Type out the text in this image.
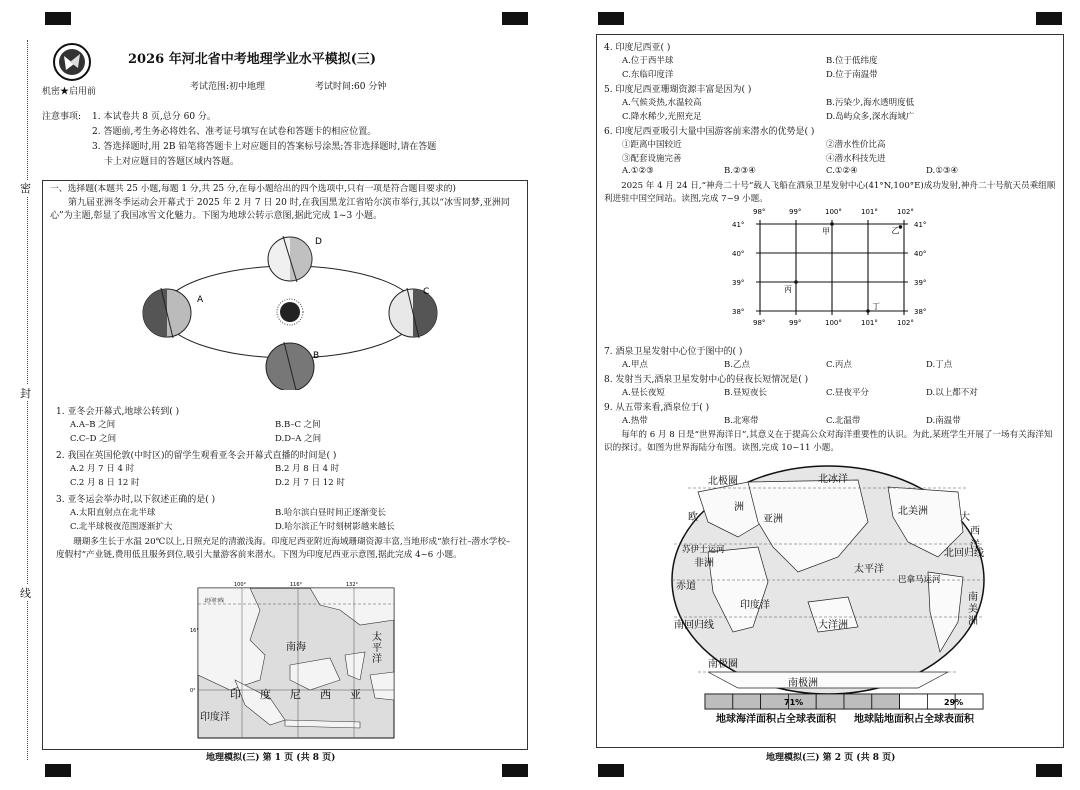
密
封
线
2026 年河北省中考地理学业水平模拟(三)
机密★启用前	考试范围:初中地理	考试时间:60 分钟
注意事项: 1. 本试卷共 8 页,总分 60 分。
2. 答题前,考生务必将姓名、准考证号填写在试卷和答题卡的相应位置。
3. 答选择题时,用 2B 铅笔将答题卡上对应题目的答案标号涂黑;答非选择题时,请在答题
卡上对应题目的答题区域内答题。
一、选择题(本题共 25 小题,每题 1 分,共 25 分,在每小题给出的四个选项中,只有一项是符合题目要求的)
第九届亚洲冬季运动会开幕式于 2025 年 2 月 7 日 20 时,在我国黑龙江省哈尔滨市举行,其以“冰雪同梦,亚洲同心”为主题,彰显了我国冰雪文化魅力。下图为地球公转示意图,据此完成 1~3 小题。
D
A
C
B
1. 亚冬会开幕式,地球公转到( )
A.A–B 之间	B.B–C 之间
C.C–D 之间	D.D–A 之间
2. 我国在英国伦敦(中时区)的留学生观看亚冬会开幕式直播的时间是( )
A.2 月 7 日 4 时	B.2 月 8 日 4 时
C.2 月 8 日 12 时	D.2 月 7 日 12 时
3. 亚冬运会举办时,以下叙述正确的是( )
A.太阳直射点在北半球	B.哈尔滨白昼时间正逐渐变长
C.北半球极夜范围逐渐扩大	D.哈尔滨正午时刻树影越来越长
珊瑚多生长于水温 20℃以上,日照充足的清澈浅海。印度尼西亚附近海域珊瑚资源丰富,当地形成“旅行社–潜水学校–度假村”产业链,费用低且服务到位,吸引大量游客前来潜水。下图为印度尼西亚示意图,据此完成 4~6 小题。
100°	116°	132°
16°
0°
北回归线
南海
太平洋
印 度 尼 西 亚
印度洋
地理模拟(三) 第 1 页 (共 8 页)
4. 印度尼西亚( )
A.位于西半球	B.位于低纬度
C.东临印度洋	D.位于南温带
5. 印度尼西亚珊瑚资源丰富是因为( )
A.气候炎热,水温较高	B.污染少,海水透明度低
C.降水稀少,光照充足	D.岛屿众多,深水海域广
6. 印度尼西亚吸引大量中国游客前来潜水的优势是( )
①距离中国较近	②潜水性价比高
③配套设施完善	④潜水科技先进
A.①②③	B.②③④	C.①②④	D.①③④
2025 年 4 月 24 日,“神舟二十号”载人飞船在酒泉卫星发射中心(41°N,100°E)成功发射,神舟二十号航天员乘组顺利进驻中国空间站。读图,完成 7~9 小题。
98°
98°
99°
99°
100°
100°
101°
101°
102°
102°
41°	41°
40°	40°
39°	39°
38°	38°
甲	乙
丙
丁
7. 酒泉卫星发射中心位于图中的( )
A.甲点	B.乙点	C.丙点	D.丁点
8. 发射当天,酒泉卫星发射中心的昼夜长短情况是( )
A.昼长夜短	B.昼短夜长	C.昼夜平分	D.以上都不对
9. 从五带来看,酒泉位于( )
A.热带	B.北寒带	C.北温带	D.南温带
每年的 6 月 8 日是“世界海洋日”,其意义在于提高公众对海洋重要性的认识。为此,某班学生开展了一场有关海洋知识的探讨。如图为世界海陆分布图。读图,完成 10~11 小题。
北极圈	北冰洋
欧
洲
亚洲
北美洲
大
西
洋
苏伊士运河	北回归线
非洲
太平洋
巴拿马运河
赤道
南
美
洲
印度洋
南回归线	大洋洲
南极圈
南极洲
71%	29%
地球海洋面积占全球表面积 地球陆地面积占全球表面积
地理模拟(三) 第 2 页 (共 8 页)
